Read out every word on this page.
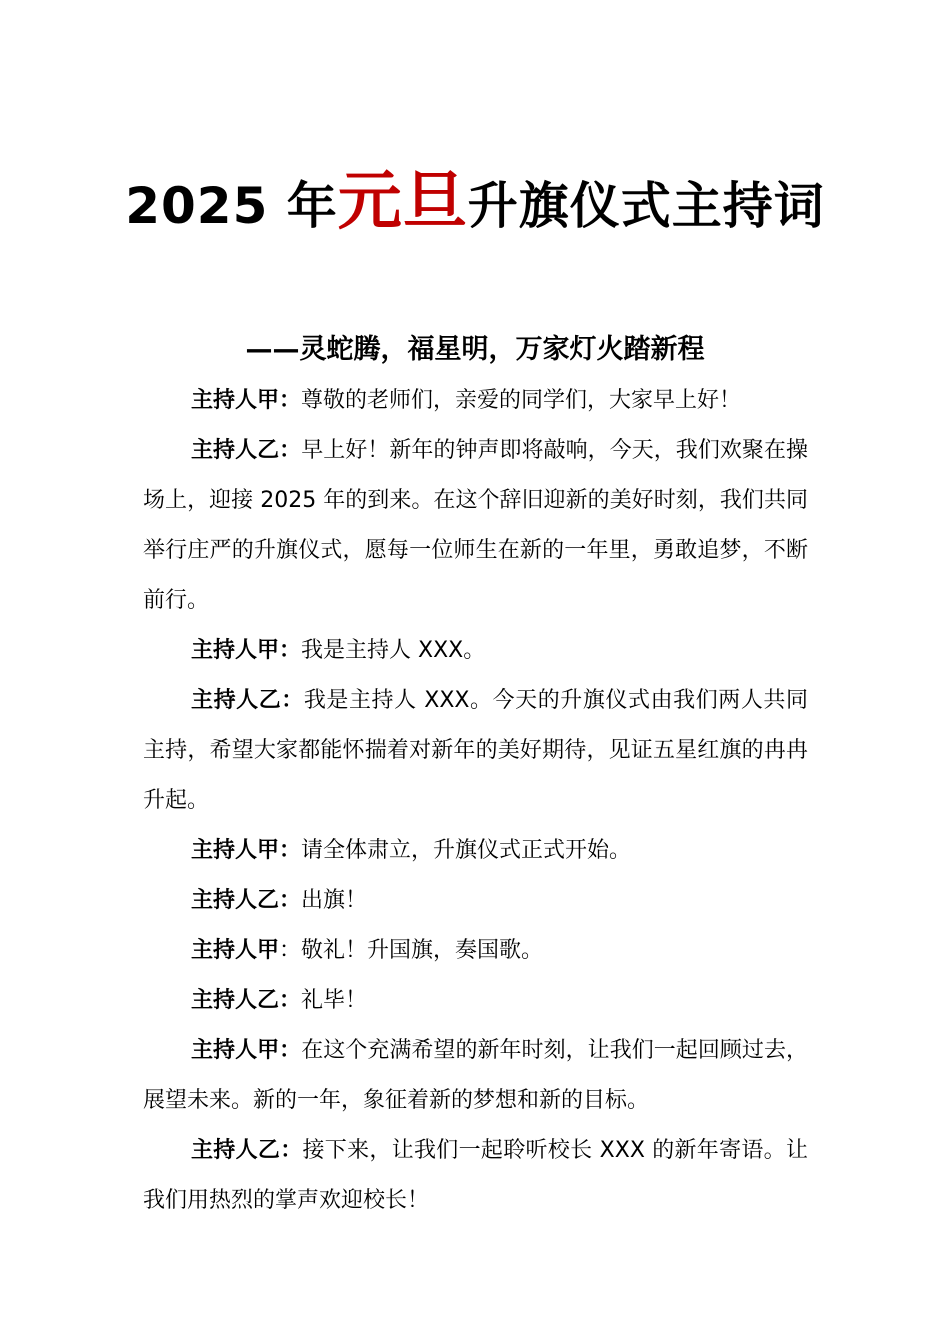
2025 年元旦升旗仪式主持词
——灵蛇腾，福星明，万家灯火踏新程

主持人甲：尊敬的老师们，亲爱的同学们，大家早上好！

主持人乙：早上好！新年的钟声即将敲响，今天，我们欢聚在操场上，迎接 2025 年的到来。在这个辞旧迎新的美好时刻，我们共同举行庄严的升旗仪式，愿每一位师生在新的一年里，勇敢追梦，不断前行。

主持人甲：我是主持人 XXX。

主持人乙：我是主持人 XXX。今天的升旗仪式由我们两人共同主持，希望大家都能怀揣着对新年的美好期待，见证五星红旗的冉冉升起。

主持人甲：请全体肃立，升旗仪式正式开始。

主持人乙：出旗！

主持人甲：敬礼！升国旗，奏国歌。

主持人乙：礼毕！

主持人甲：在这个充满希望的新年时刻，让我们一起回顾过去，展望未来。新的一年，象征着新的梦想和新的目标。

主持人乙：接下来，让我们一起聆听校长 XXX 的新年寄语。让我们用热烈的掌声欢迎校长！
